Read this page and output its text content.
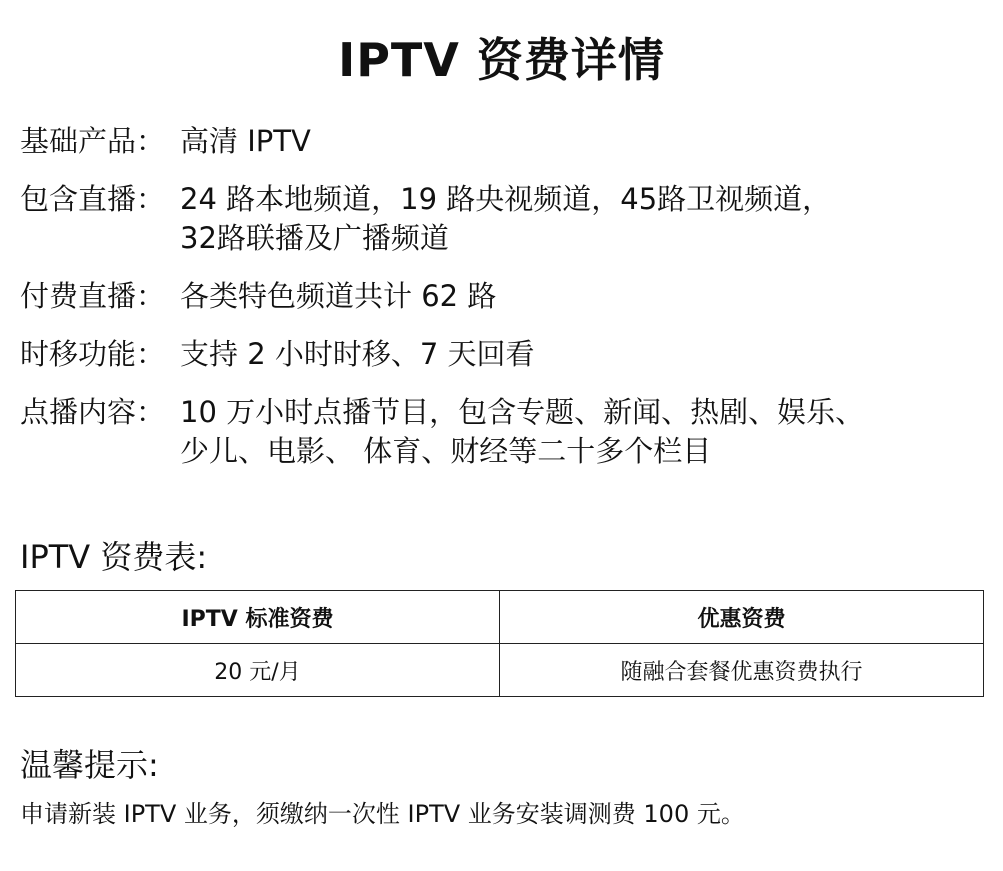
IPTV 资费详情
基础产品： 高清 IPTV
包含直播： 24 路本地频道，19 路央视频道，45路卫视频道，
32路联播及广播频道
付费直播： 各类特色频道共计 62 路
时移功能： 支持 2 小时时移、7 天回看
点播内容： 10 万小时点播节目，包含专题、新闻、热剧、娱乐、
少儿、电影、 体育、财经等二十多个栏目
IPTV 资费表:
IPTV 标准资费	优惠资费
20 元/月	随融合套餐优惠资费执行
温馨提示:
申请新装 IPTV 业务，须缴纳一次性 IPTV 业务安装调测费 100 元。
